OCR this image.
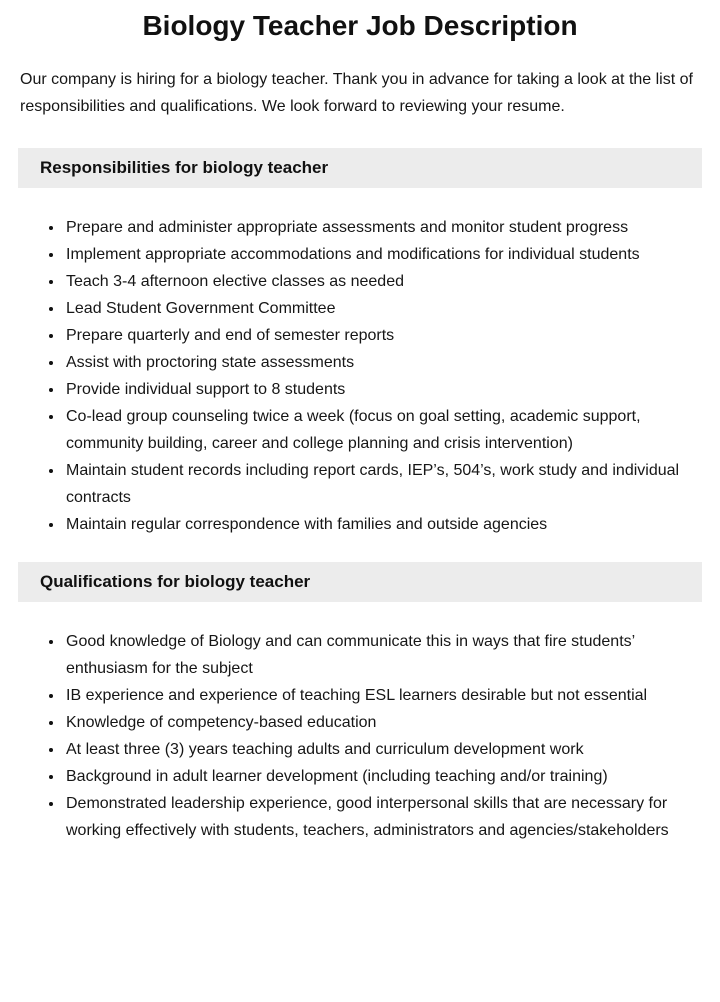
Biology Teacher Job Description

Our company is hiring for a biology teacher. Thank you in advance for taking a look at the list of responsibilities and qualifications. We look forward to reviewing your resume.

Responsibilities for biology teacher
• Prepare and administer appropriate assessments and monitor student progress
• Implement appropriate accommodations and modifications for individual students
• Teach 3-4 afternoon elective classes as needed
• Lead Student Government Committee
• Prepare quarterly and end of semester reports
• Assist with proctoring state assessments
• Provide individual support to 8 students
• Co-lead group counseling twice a week (focus on goal setting, academic support, community building, career and college planning and crisis intervention)
• Maintain student records including report cards, IEP’s, 504’s, work study and individual contracts
• Maintain regular correspondence with families and outside agencies
Qualifications for biology teacher
• Good knowledge of Biology and can communicate this in ways that fire students’ enthusiasm for the subject
• IB experience and experience of teaching ESL learners desirable but not essential
• Knowledge of competency-based education
• At least three (3) years teaching adults and curriculum development work
• Background in adult learner development (including teaching and/or training)
• Demonstrated leadership experience, good interpersonal skills that are necessary for working effectively with students, teachers, administrators and agencies/stakeholders
